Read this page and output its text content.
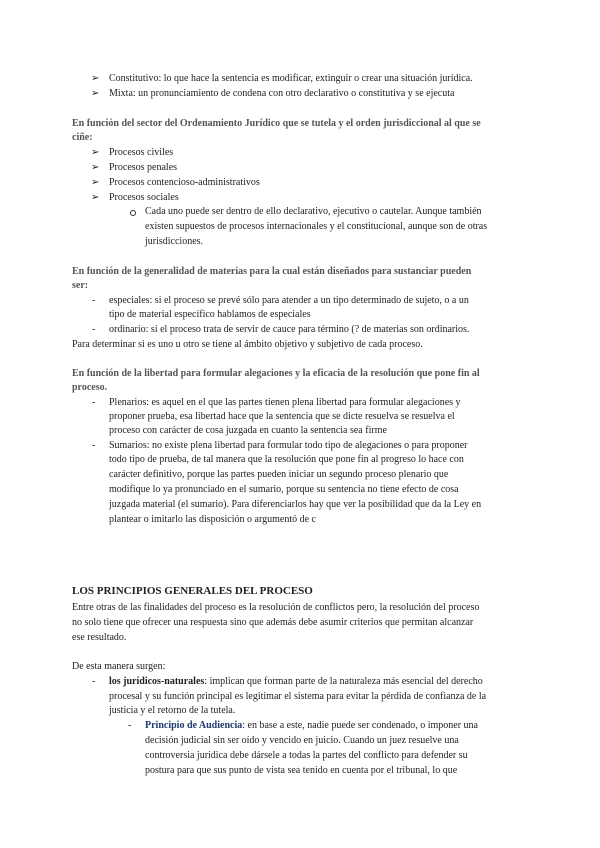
➢ Constitutivo: lo que hace la sentencia es modificar, extinguir o crear una situación jurídica.
➢ Mixta: un pronunciamiento de condena con otro declarativo o constitutiva y se ejecuta
En función del sector del Ordenamiento Jurídico que se tutela y el orden jurisdiccional al que se
ciñe:
➢ Procesos civiles
➢ Procesos penales
➢ Procesos contencioso-administrativos
➢ Procesos sociales
Cada uno puede ser dentro de ello declarativo, ejecutivo o cautelar. Aunque también
existen supuestos de procesos internacionales y el constitucional, aunque son de otras
jurisdicciones.
En función de la generalidad de materias para la cual están diseñados para sustanciar pueden
ser:
- especiales: si el proceso se prevé sólo para atender a un tipo determinado de sujeto, o a un
tipo de material específico hablamos de especiales
- ordinario: si el proceso trata de servir de cauce para término (? de materias son ordinarios.
Para determinar si es uno u otro se tiene al ámbito objetivo y subjetivo de cada proceso.
En función de la libertad para formular alegaciones y la eficacia de la resolución que pone fin al
proceso.
- Plenarios: es aquel en el que las partes tienen plena libertad para formular alegaciones y
proponer prueba, esa libertad hace que la sentencia que se dicte resuelva se resuelva el
proceso con carácter de cosa juzgada en cuanto la sentencia sea firme
- Sumarios: no existe plena libertad para formular todo tipo de alegaciones o para proponer
todo tipo de prueba, de tal manera que la resolución que pone fin al progreso lo hace con
carácter definitivo, porque las partes pueden iniciar un segundo proceso plenario que
modifique lo ya pronunciado en el sumario, porque su sentencia no tiene efecto de cosa
juzgada material (el sumario). Para diferenciarlos hay que ver la posibilidad que da la Ley en
plantear o imitarlo las disposición o argumentó de c
LOS PRINCIPIOS GENERALES DEL PROCESO
Entre otras de las finalidades del proceso es la resolución de conflictos pero, la resolución del proceso
no solo tiene que ofrecer una respuesta sino que además debe asumir criterios que permitan alcanzar
ese resultado.
De esta manera surgen:
- los jurídicos-naturales: implican que forman parte de la naturaleza más esencial del derecho
procesal y su función principal es legitimar el sistema para evitar la pérdida de confianza de la
justicia y el retorno de la tutela.
- Principio de Audiencia: en base a este, nadie puede ser condenado, o imponer una
decisión judicial sin ser oído y vencido en juicio. Cuando un juez resuelve una
controversia jurídica debe dársele a todas la partes del conflicto para defender su
postura para que sus punto de vista sea tenido en cuenta por el tribunal, lo que
